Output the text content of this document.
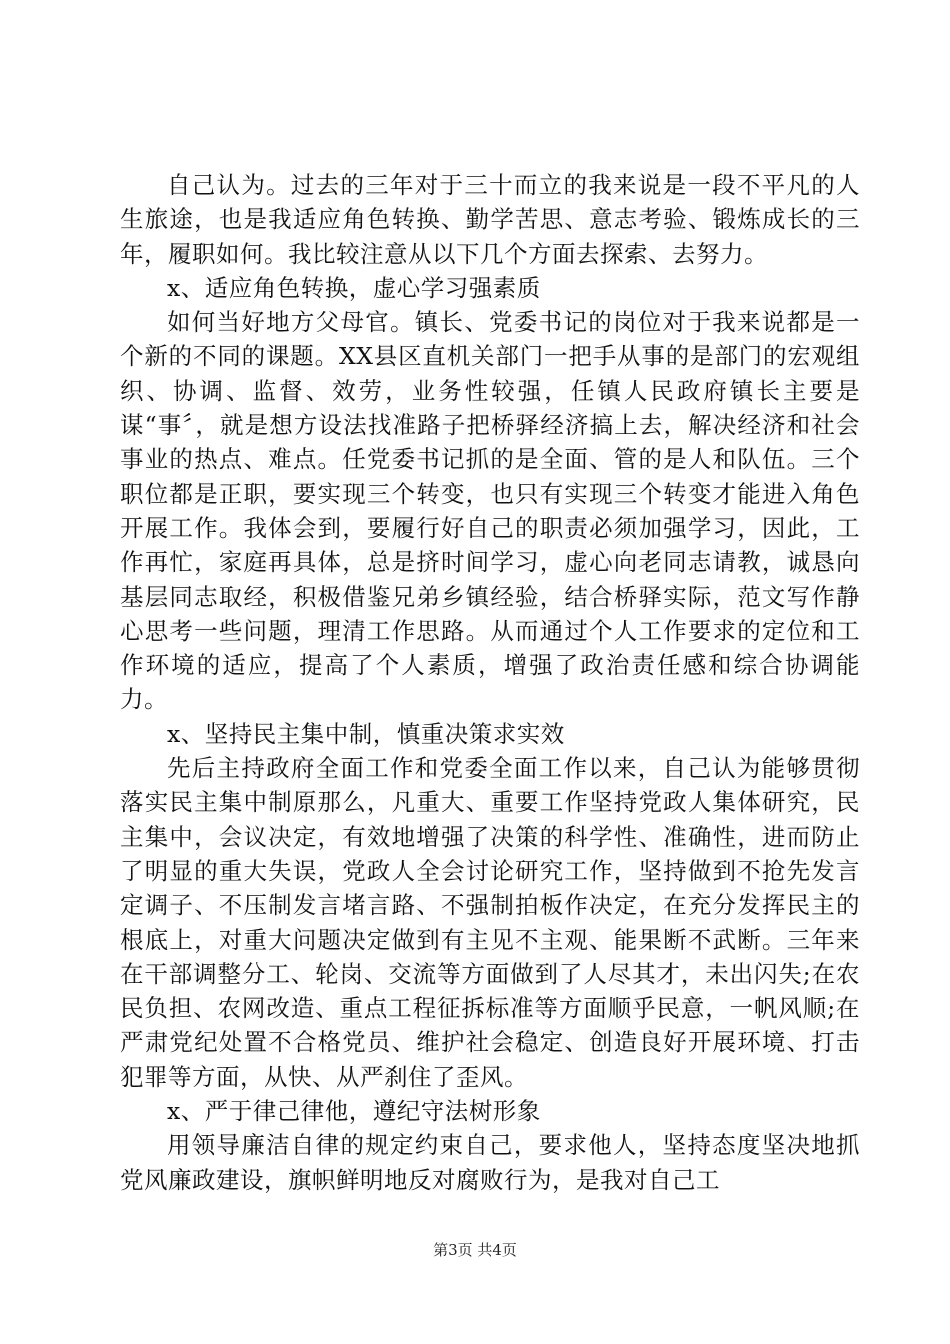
自己认为。过去的三年对于三十而立的我来说是一段不平凡的人生旅途，也是我适应角色转换、勤学苦思、意志考验、锻炼成长的三年，履职如何。我比较注意从以下几个方面去探索、去努力。

x、适应角色转换，虚心学习强素质

如何当好地方父母官。镇长、党委书记的岗位对于我来说都是一个新的不同的课题。XX县区直机关部门一把手从事的是部门的宏观组织、协调、监督、效劳，业务性较强，任镇人民政府镇长主要是谋“事〞，就是想方设法找准路子把桥驿经济搞上去，解决经济和社会事业的热点、难点。任党委书记抓的是全面、管的是人和队伍。三个职位都是正职，要实现三个转变，也只有实现三个转变才能进入角色开展工作。我体会到，要履行好自己的职责必须加强学习，因此，工作再忙，家庭再具体，总是挤时间学习，虚心向老同志请教，诚恳向基层同志取经，积极借鉴兄弟乡镇经验，结合桥驿实际，范文写作静心思考一些问题，理清工作思路。从而通过个人工作要求的定位和工作环境的适应，提高了个人素质，增强了政治责任感和综合协调能力。

x、坚持民主集中制，慎重决策求实效

先后主持政府全面工作和党委全面工作以来，自己认为能够贯彻落实民主集中制原那么，凡重大、重要工作坚持党政人集体研究，民主集中，会议决定，有效地增强了决策的科学性、准确性，进而防止了明显的重大失误，党政人全会讨论研究工作，坚持做到不抢先发言定调子、不压制发言堵言路、不强制拍板作决定，在充分发挥民主的根底上，对重大问题决定做到有主见不主观、能果断不武断。三年来在干部调整分工、轮岗、交流等方面做到了人尽其才，未出闪失;在农民负担、农网改造、重点工程征拆标准等方面顺乎民意，一帆风顺;在严肃党纪处置不合格党员、维护社会稳定、创造良好开展环境、打击犯罪等方面，从快、从严刹住了歪风。

x、严于律己律他，遵纪守法树形象

用领导廉洁自律的规定约束自己，要求他人，坚持态度坚决地抓党风廉政建设，旗帜鲜明地反对腐败行为，是我对自己工

第3页 共4页
